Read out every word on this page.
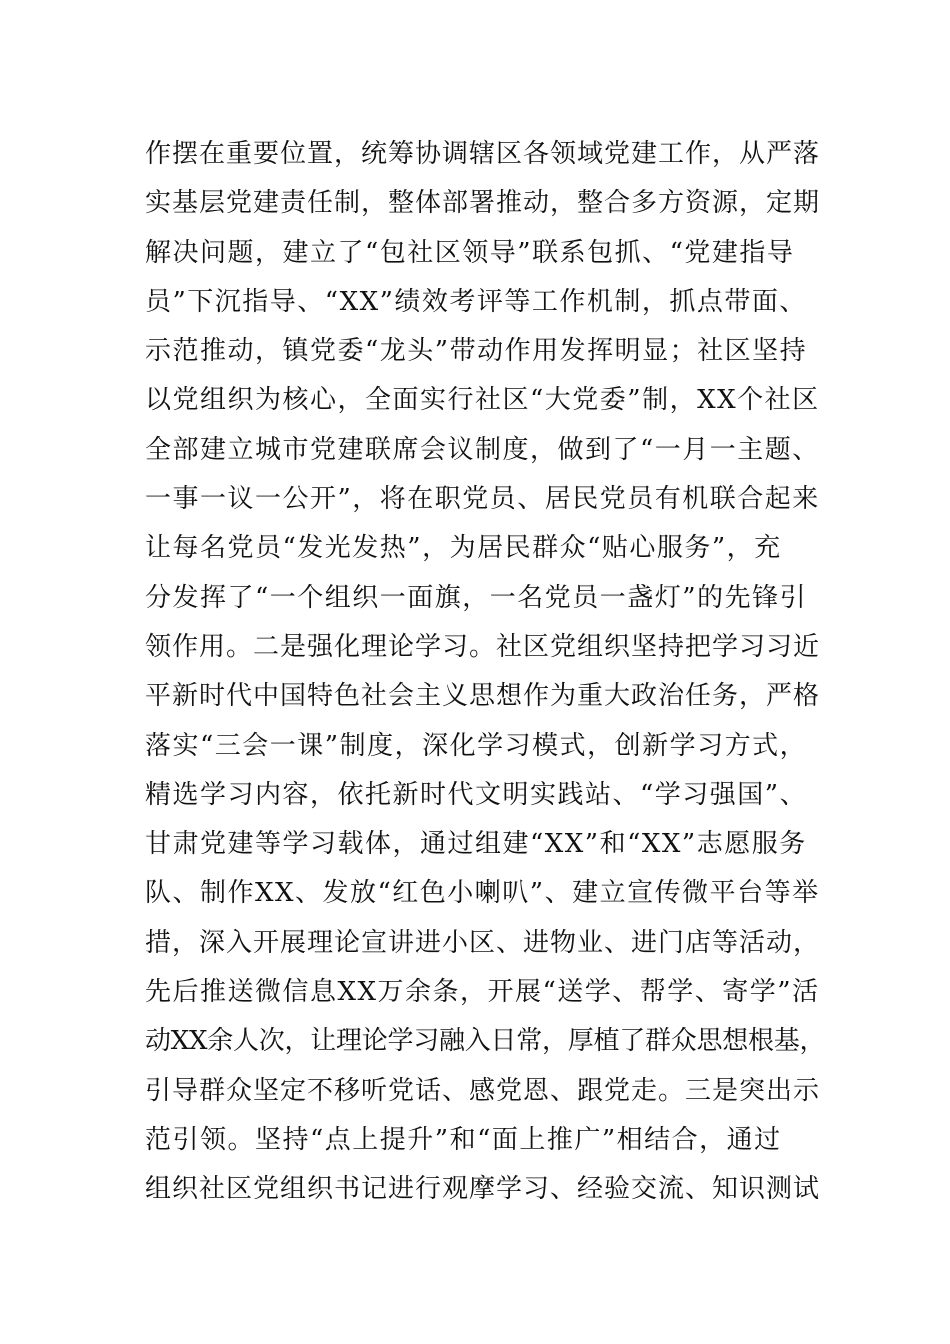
作摆在重要位置，统筹协调辖区各领域党建工作，从严落
实基层党建责任制，整体部署推动，整合多方资源，定期
解决问题，建立了“包社区领导”联系包抓、“党建指导
员”下沉指导、“XX”绩效考评等工作机制，抓点带面、
示范推动，镇党委“龙头”带动作用发挥明显；社区坚持
以党组织为核心，全面实行社区“大党委”制，XX个社区
全部建立城市党建联席会议制度，做到了“一月一主题、
一事一议一公开”，将在职党员、居民党员有机联合起来
让每名党员“发光发热”，为居民群众“贴心服务”，充
分发挥了“一个组织一面旗，一名党员一盏灯”的先锋引
领作用。二是强化理论学习。社区党组织坚持把学习习近
平新时代中国特色社会主义思想作为重大政治任务，严格
落实“三会一课”制度，深化学习模式，创新学习方式，
精选学习内容，依托新时代文明实践站、“学习强国”、
甘肃党建等学习载体，通过组建“XX”和“XX”志愿服务
队、制作XX、发放“红色小喇叭”、建立宣传微平台等举
措，深入开展理论宣讲进小区、进物业、进门店等活动，
先后推送微信息XX万余条，开展“送学、帮学、寄学”活
动XX余人次，让理论学习融入日常，厚植了群众思想根基，
引导群众坚定不移听党话、感党恩、跟党走。三是突出示
范引领。坚持“点上提升”和“面上推广”相结合，通过
组织社区党组织书记进行观摩学习、经验交流、知识测试
